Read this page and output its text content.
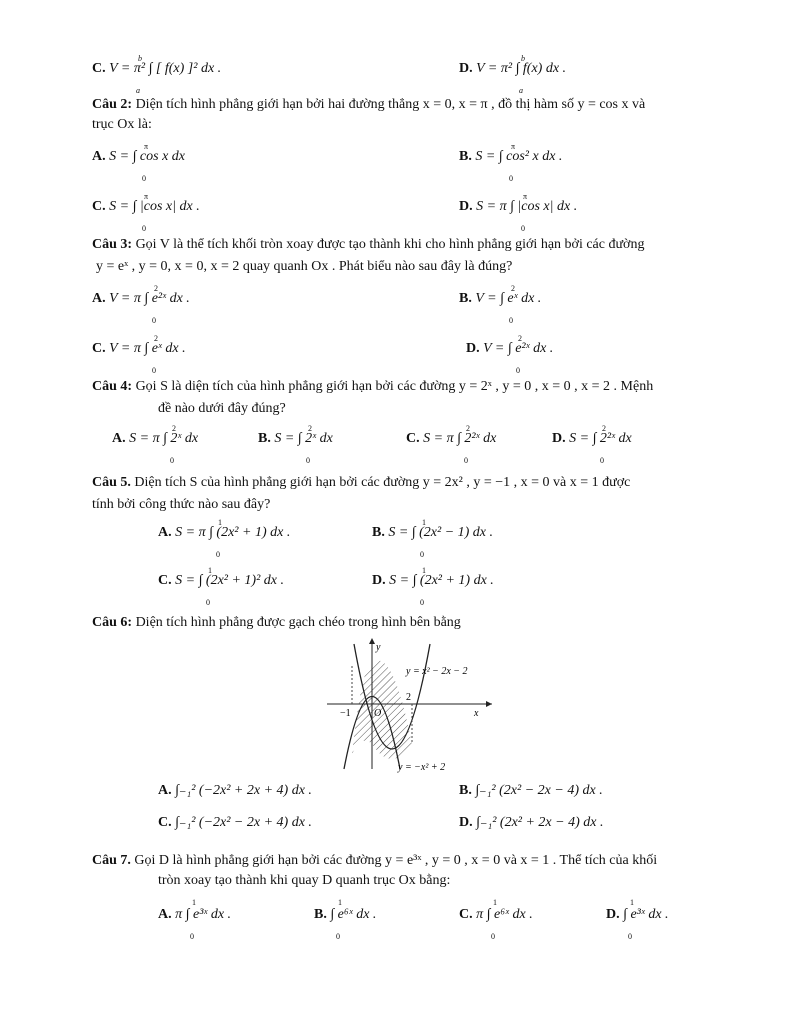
C. V = π² ∫ [ f(x) ]² dx .
b
a
D. V = π² ∫ f(x) dx .
b
a
Câu 2: Diện tích hình phẳng giới hạn bởi hai đường thẳng x = 0, x = π , đồ thị hàm số y = cos x và
trục Ox là:
A. S = ∫ cos x dx
π
0
B. S = ∫ cos² x dx .
π
0
C. S = ∫ |cos x| dx .
π
0
D. S = π ∫ |cos x| dx .
π
0
Câu 3: Gọi V là thể tích khối tròn xoay được tạo thành khi cho hình phẳng giới hạn bởi các đường
y = eˣ , y = 0, x = 0, x = 2 quay quanh Ox . Phát biểu nào sau đây là đúng?
A. V = π ∫ e²ˣ dx .
2
0
B. V = ∫ eˣ dx .
2
0
C. V = π ∫ eˣ dx .
2
0
D. V = ∫ e²ˣ dx .
2
0
Câu 4: Gọi S là diện tích của hình phẳng giới hạn bởi các đường y = 2ˣ , y = 0 , x = 0 , x = 2 . Mệnh
đề nào dưới đây đúng?
A. S = π ∫ 2ˣ dx
2
0
B. S = ∫ 2ˣ dx
2
0
C. S = π ∫ 2²ˣ dx
2
0
D. S = ∫ 2²ˣ dx
2
0
Câu 5. Diện tích S của hình phẳng giới hạn bởi các đường y = 2x² , y = −1 , x = 0 và x = 1 được
tính bởi công thức nào sau đây?
A. S = π ∫ (2x² + 1) dx .
1
0
B. S = ∫ (2x² − 1) dx .
1
0
C. S = ∫ (2x² + 1)² dx .
1
0
D. S = ∫ (2x² + 1) dx .
1
0
Câu 6: Diện tích hình phẳng được gạch chéo trong hình bên bằng
y
x
O
−1
2
y = x² − 2x − 2
y = −x² + 2
A. ∫₋₁² (−2x² + 2x + 4) dx .	B. ∫₋₁² (2x² − 2x − 4) dx .
C. ∫₋₁² (−2x² − 2x + 4) dx .	D. ∫₋₁² (2x² + 2x − 4) dx .
Câu 7. Gọi D là hình phẳng giới hạn bởi các đường y = e³ˣ , y = 0 , x = 0 và x = 1 . Thể tích của khối
tròn xoay tạo thành khi quay D quanh trục Ox bằng:
A. π ∫ e³ˣ dx .
1
0
B. ∫ e⁶ˣ dx .
1
0
C. π ∫ e⁶ˣ dx .
1
0
D. ∫ e³ˣ dx .
1
0
